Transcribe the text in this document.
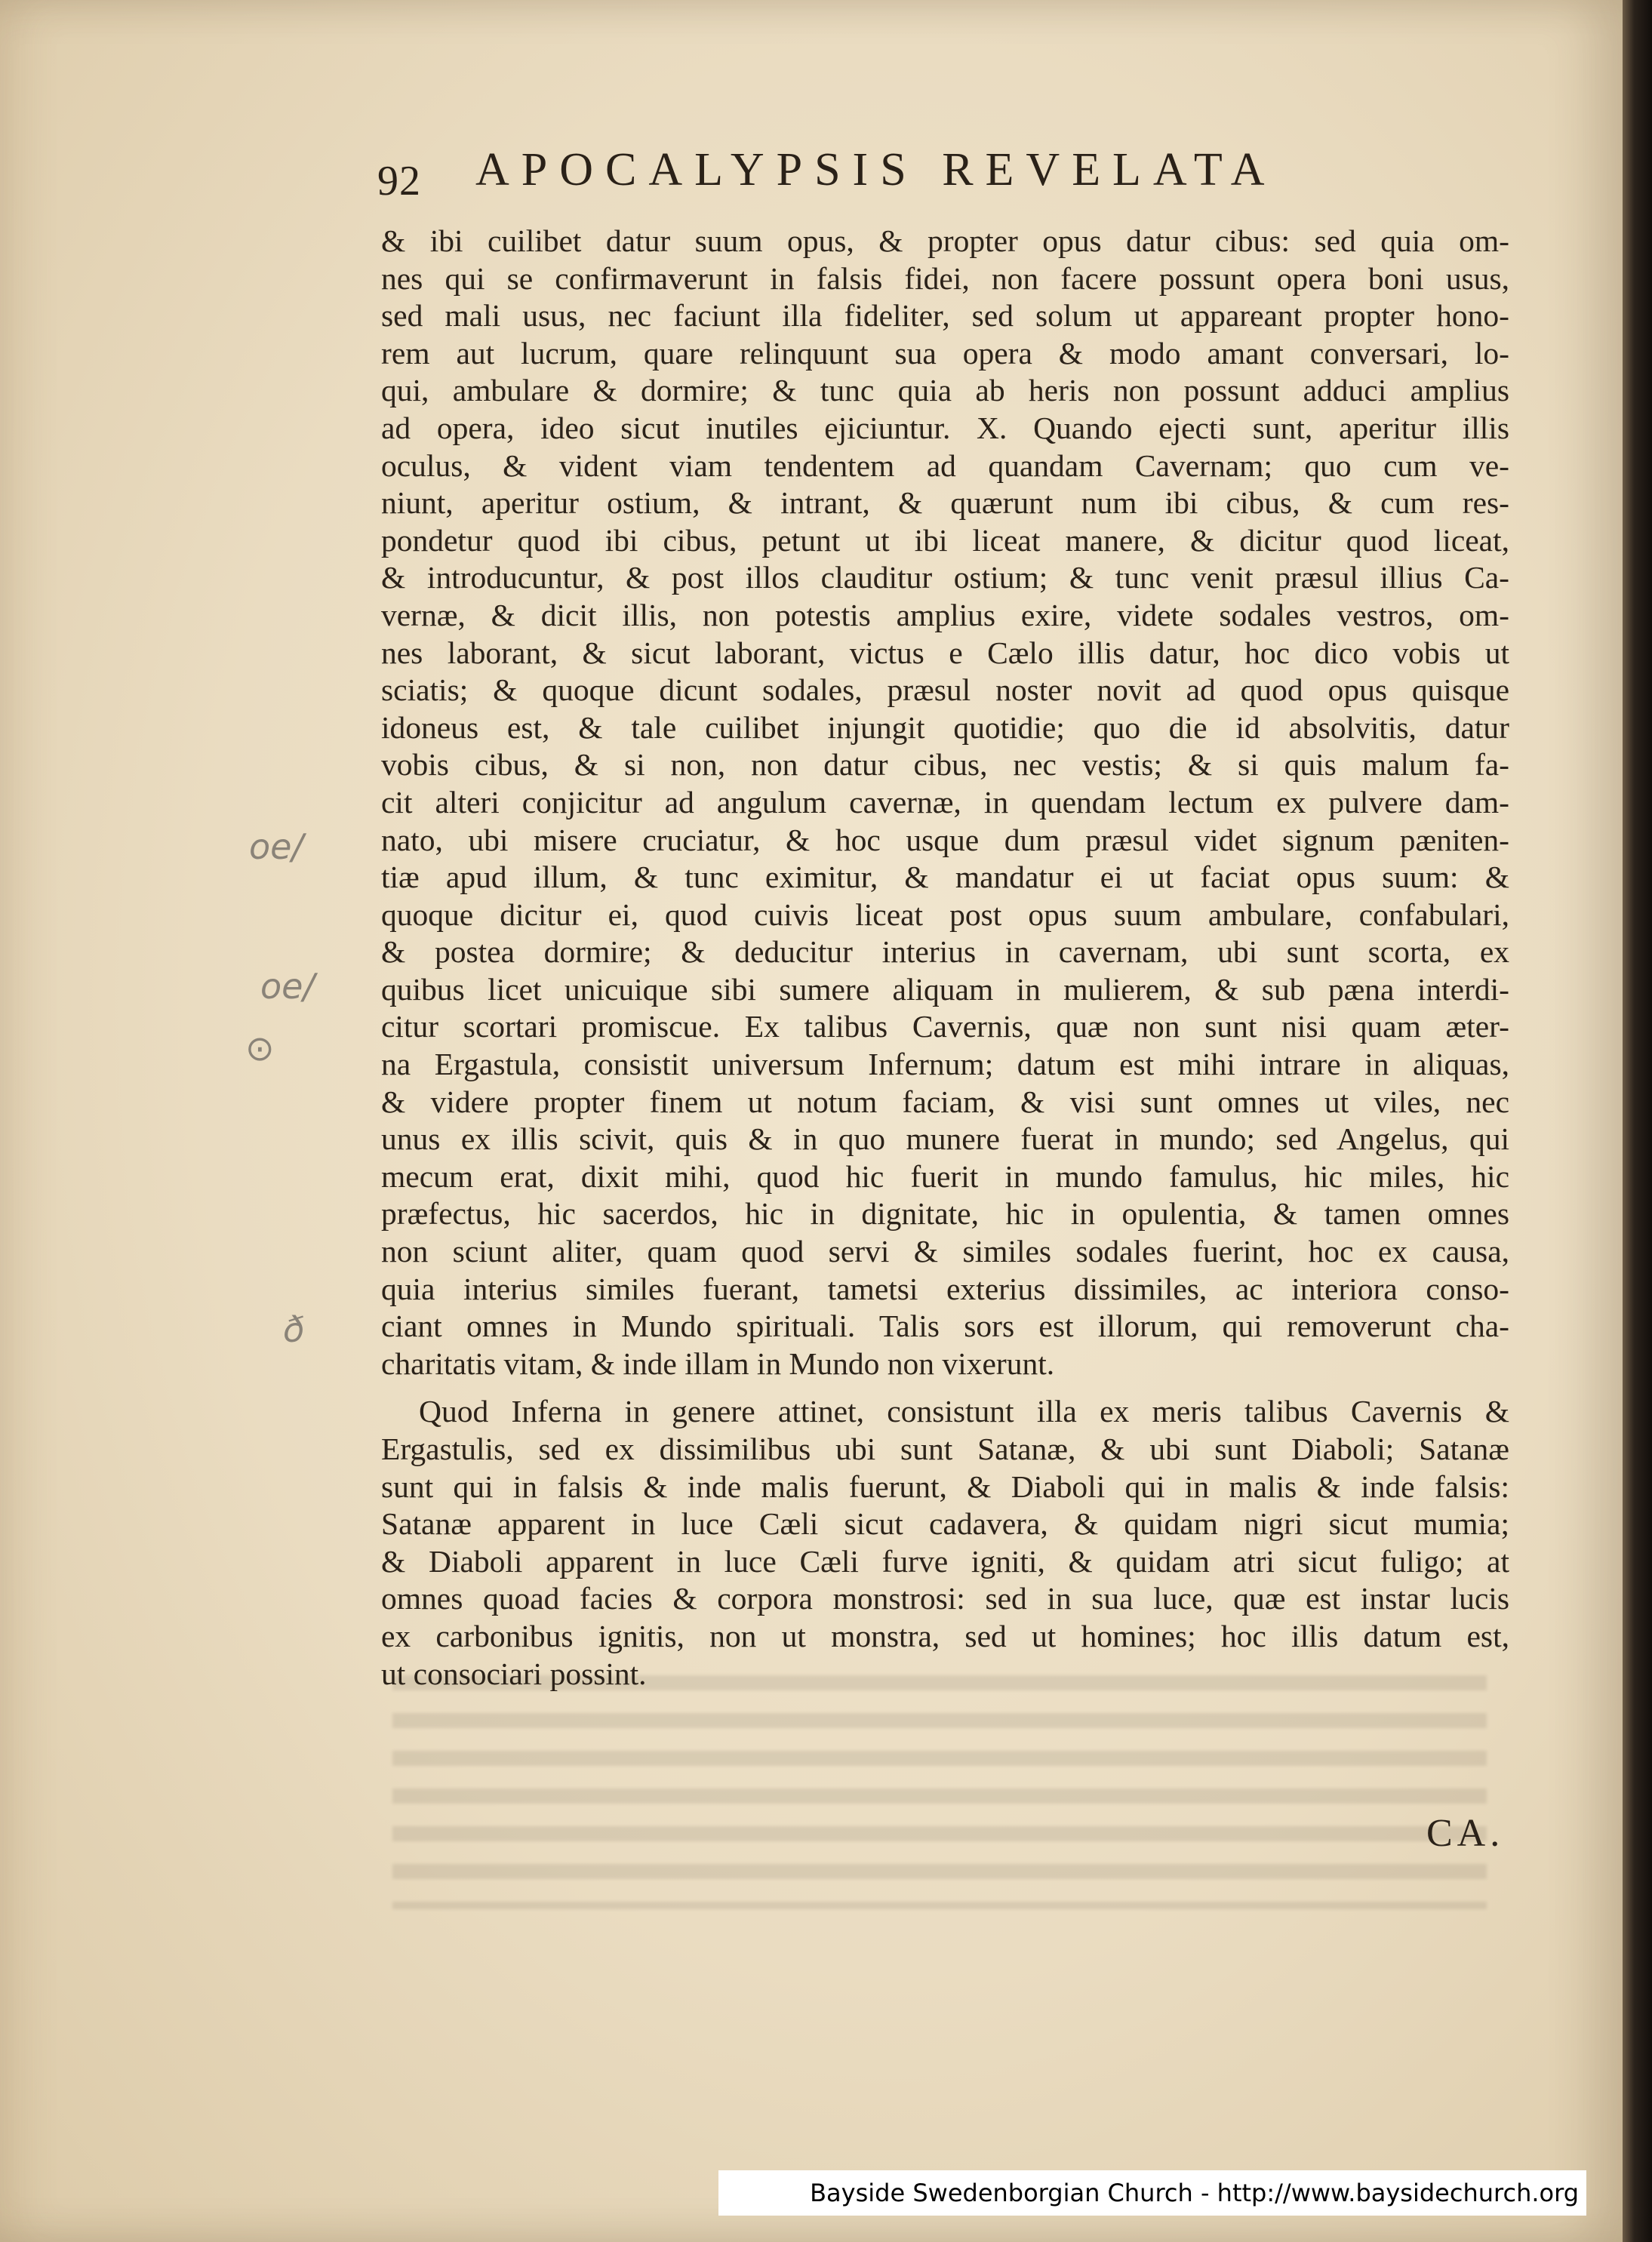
92 APOCALYPSIS REVELATA
& ibi cuilibet datur suum opus, & propter opus datur cibus: sed quia om-
nes qui se confirmaverunt in falsis fidei, non facere possunt opera boni usus,
sed mali usus, nec faciunt illa fideliter, sed solum ut appareant propter hono-
rem aut lucrum, quare relinquunt sua opera & modo amant conversari, lo-
qui, ambulare & dormire; & tunc quia ab heris non possunt adduci amplius
ad opera, ideo sicut inutiles ejiciuntur. X. Quando ejecti sunt, aperitur illis
oculus, & vident viam tendentem ad quandam Cavernam; quo cum ve-
niunt, aperitur ostium, & intrant, & quærunt num ibi cibus, & cum res-
pondetur quod ibi cibus, petunt ut ibi liceat manere, & dicitur quod liceat,
& introducuntur, & post illos clauditur ostium; & tunc venit præsul illius Ca-
vernæ, & dicit illis, non potestis amplius exire, videte sodales vestros, om-
nes laborant, & sicut laborant, victus e Cælo illis datur, hoc dico vobis ut
sciatis; & quoque dicunt sodales, præsul noster novit ad quod opus quisque
idoneus est, & tale cuilibet injungit quotidie; quo die id absolvitis, datur
vobis cibus, & si non, non datur cibus, nec vestis; & si quis malum fa-
cit alteri conjicitur ad angulum cavernæ, in quendam lectum ex pulvere dam-
nato, ubi misere cruciatur, & hoc usque dum præsul videt signum pæniten-
tiæ apud illum, & tunc eximitur, & mandatur ei ut faciat opus suum: &
quoque dicitur ei, quod cuivis liceat post opus suum ambulare, confabulari,
& postea dormire; & deducitur interius in cavernam, ubi sunt scorta, ex
quibus licet unicuique sibi sumere aliquam in mulierem, & sub pæna interdi-
citur scortari promiscue. Ex talibus Cavernis, quæ non sunt nisi quam æter-
na Ergastula, consistit universum Infernum; datum est mihi intrare in aliquas,
& videre propter finem ut notum faciam, & visi sunt omnes ut viles, nec
unus ex illis scivit, quis & in quo munere fuerat in mundo; sed Angelus, qui
mecum erat, dixit mihi, quod hic fuerit in mundo famulus, hic miles, hic
præfectus, hic sacerdos, hic in dignitate, hic in opulentia, & tamen omnes
non sciunt aliter, quam quod servi & similes sodales fuerint, hoc ex causa,
quia interius similes fuerant, tametsi exterius dissimiles, ac interiora conso-
ciant omnes in Mundo spirituali. Talis sors est illorum, qui removerunt cha-
charitatis vitam, & inde illam in Mundo non vixerunt.
Quod Inferna in genere attinet, consistunt illa ex meris talibus Cavernis &
Ergastulis, sed ex dissimilibus ubi sunt Satanæ, & ubi sunt Diaboli; Satanæ
sunt qui in falsis & inde malis fuerunt, & Diaboli qui in malis & inde falsis:
Satanæ apparent in luce Cæli sicut cadavera, & quidam nigri sicut mumia;
& Diaboli apparent in luce Cæli furve igniti, & quidam atri sicut fuligo; at
omnes quoad facies & corpora monstrosi: sed in sua luce, quæ est instar lucis
ex carbonibus ignitis, non ut monstra, sed ut homines; hoc illis datum est,
ut consociari possint.
CA.
oe/
oe/
⊙
ð
Bayside Swedenborgian Church - http://www.baysidechurch.org
